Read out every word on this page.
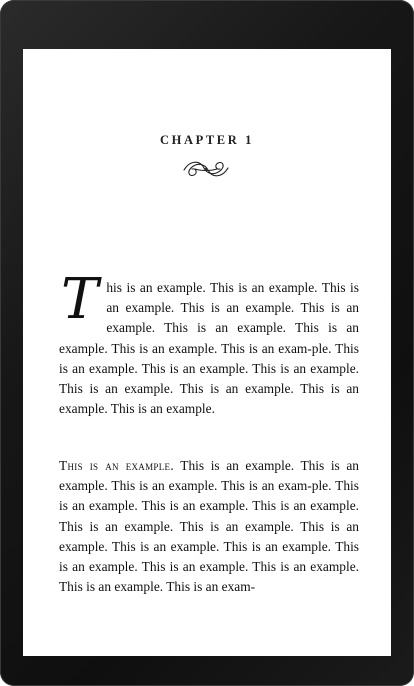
CHAPTER 1

This is an example. This is an example. This is an example. This is an example. This is an example. This is an example. This is an example. This is an example. This is an exam-ple. This is an example. This is an example. This is an example. This is an example. This is an example. This is an example. This is an example.

This is an example. This is an example. This is an example. This is an example. This is an exam-ple. This is an example. This is an example. This is an example. This is an example. This is an example. This is an example. This is an example. This is an example. This is an example. This is an example. This is an example. This is an example. This is an exam-
